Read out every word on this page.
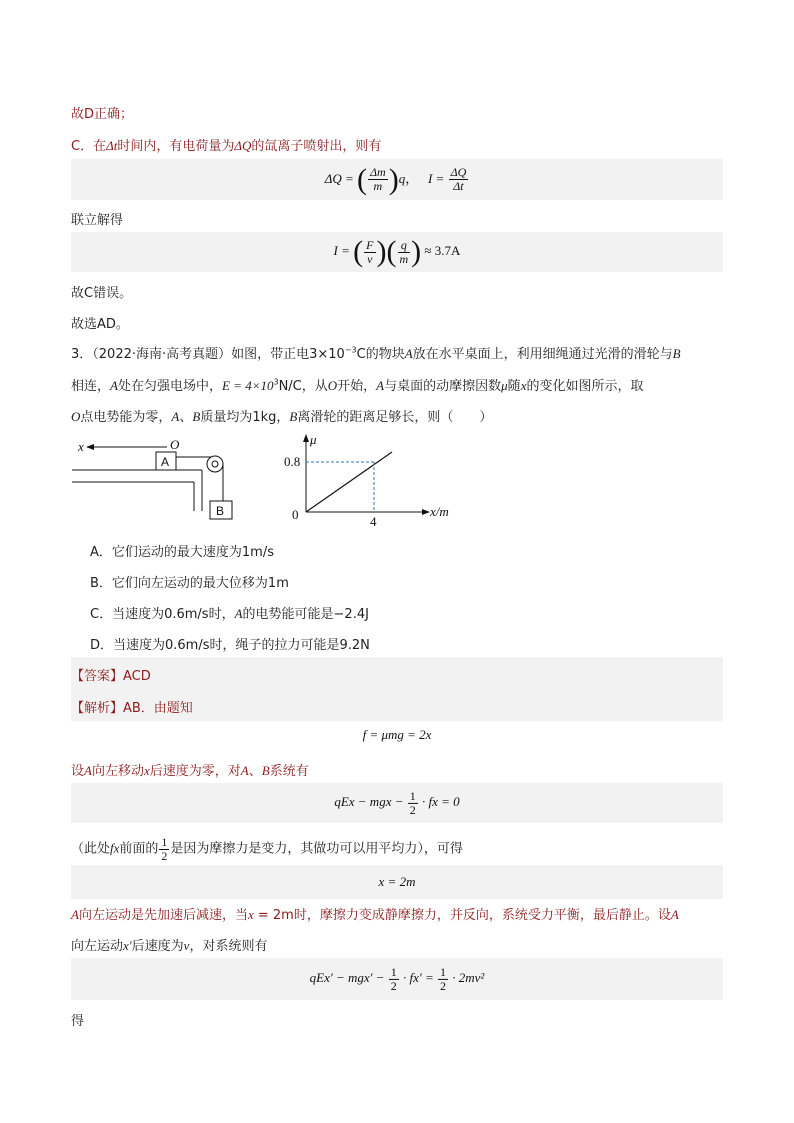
故D正确；
C．在Δt时间内，有电荷量为ΔQ的氙离子喷射出，则有
ΔQ = ( $\frac{\Delta m}{m} )q$， $I = \frac{\Delta Q}{\Delta t}$
联立解得
I = ( $\frac{F}{v}$ )( $\frac{q}{m}$ ) ≈ 3.7A
故C错误。
故选AD。
3．（2022·海南·高考真题）如图，带正电$3\times 10^{-3}C$的物块A放在水平桌面上，利用细绳通过光滑的滑轮与B
相连，A处在匀强电场中，$E = 4\times 10^3N/C$，从O开始，A与桌面的动摩擦因数μ随x的变化如图所示，取
O点电势能为零，A、B质量均为1kg，B离滑轮的距离足够长，则（　　）
x	O
A
B
μ
0.8
0	4
x/m
A．它们运动的最大速度为1m/s
B．它们向左运动的最大位移为1m
C．当速度为0.6m/s时，A的电势能可能是−2.4J
D．当速度为0.6m/s时，绳子的拉力可能是9.2N
【答案】ACD
【解析】AB．由题知
f = μmg = 2x
设A向左移动x后速度为零，对A、B系统有
qEx − mgx − $\frac{1}{2}$ · fx = 0
（此处fx前面的 $\frac{1}{2}$ 是因为摩擦力是变力，其做功可以用平均力），可得
x = 2m
A向左运动是先加速后减速，当x = 2m时，摩擦力变成静摩擦力，并反向，系统受力平衡，最后静止。设A
向左运动x′后速度为v，对系统则有
$qEx' - mgx' - \frac{1}{2} \cdot fx' = \frac{1}{2} \cdot 2mv^2$
得
